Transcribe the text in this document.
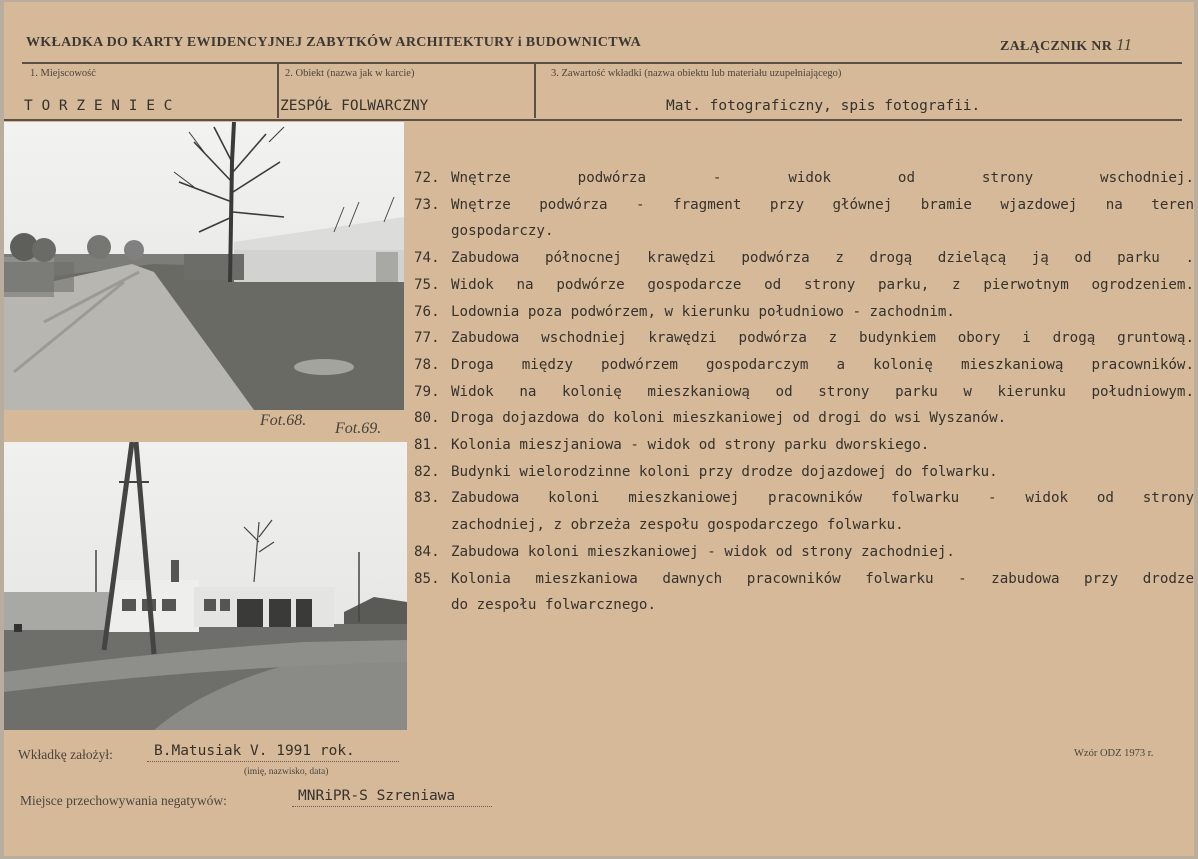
WKŁADKA DO KARTY EWIDENCYJNEJ ZABYTKÓW ARCHITEKTURY i BUDOWNICTWA	ZAŁĄCZNIK NR 11
1. Miejscowość	2. Obiekt (nazwa jak w karcie)	3. Zawartość wkładki (nazwa obiektu lub materiału uzupełniającego)
T O R Z E N I E C	ZESPÓŁ FOLWARCZNY	Mat. fotograficzny, spis fotografii.
Fot.68. Fot.69.
72. Wnętrze podwórza - widok od strony wschodniej.
73. Wnętrze podwórza - fragment przy głównej bramie wjazdowej na teren
gospodarczy.
74. Zabudowa północnej krawędzi podwórza z drogą dzielącą ją od parku .
75. Widok na podwórze gospodarcze od strony parku, z pierwotnym ogrodzeniem.
76. Lodownia poza podwórzem, w kierunku południowo - zachodnim.
77. Zabudowa wschodniej krawędzi podwórza z budynkiem obory i drogą gruntową.
78. Droga między podwórzem gospodarczym a kolonię mieszkaniową pracowników.
79. Widok na kolonię mieszkaniową od strony parku w kierunku południowym.
80. Droga dojazdowa do koloni mieszkaniowej od drogi do wsi Wyszanów.
81. Kolonia mieszjaniowa - widok od strony parku dworskiego.
82. Budynki wielorodzinne koloni przy drodze dojazdowej do folwarku.
83. Zabudowa koloni mieszkaniowej pracowników folwarku - widok od strony
zachodniej, z obrzeża zespołu gospodarczego folwarku.
84. Zabudowa koloni mieszkaniowej - widok od strony zachodniej.
85. Kolonia mieszkaniowa dawnych pracowników folwarku - zabudowa przy drodze
do zespołu folwarcznego.
Wkładkę założył:	B.Matusiak V. 1991 rok.
(imię, nazwisko, data)
Wzór ODZ 1973 r.
Miejsce przechowywania negatywów:	MNRiPR-S Szreniawa
